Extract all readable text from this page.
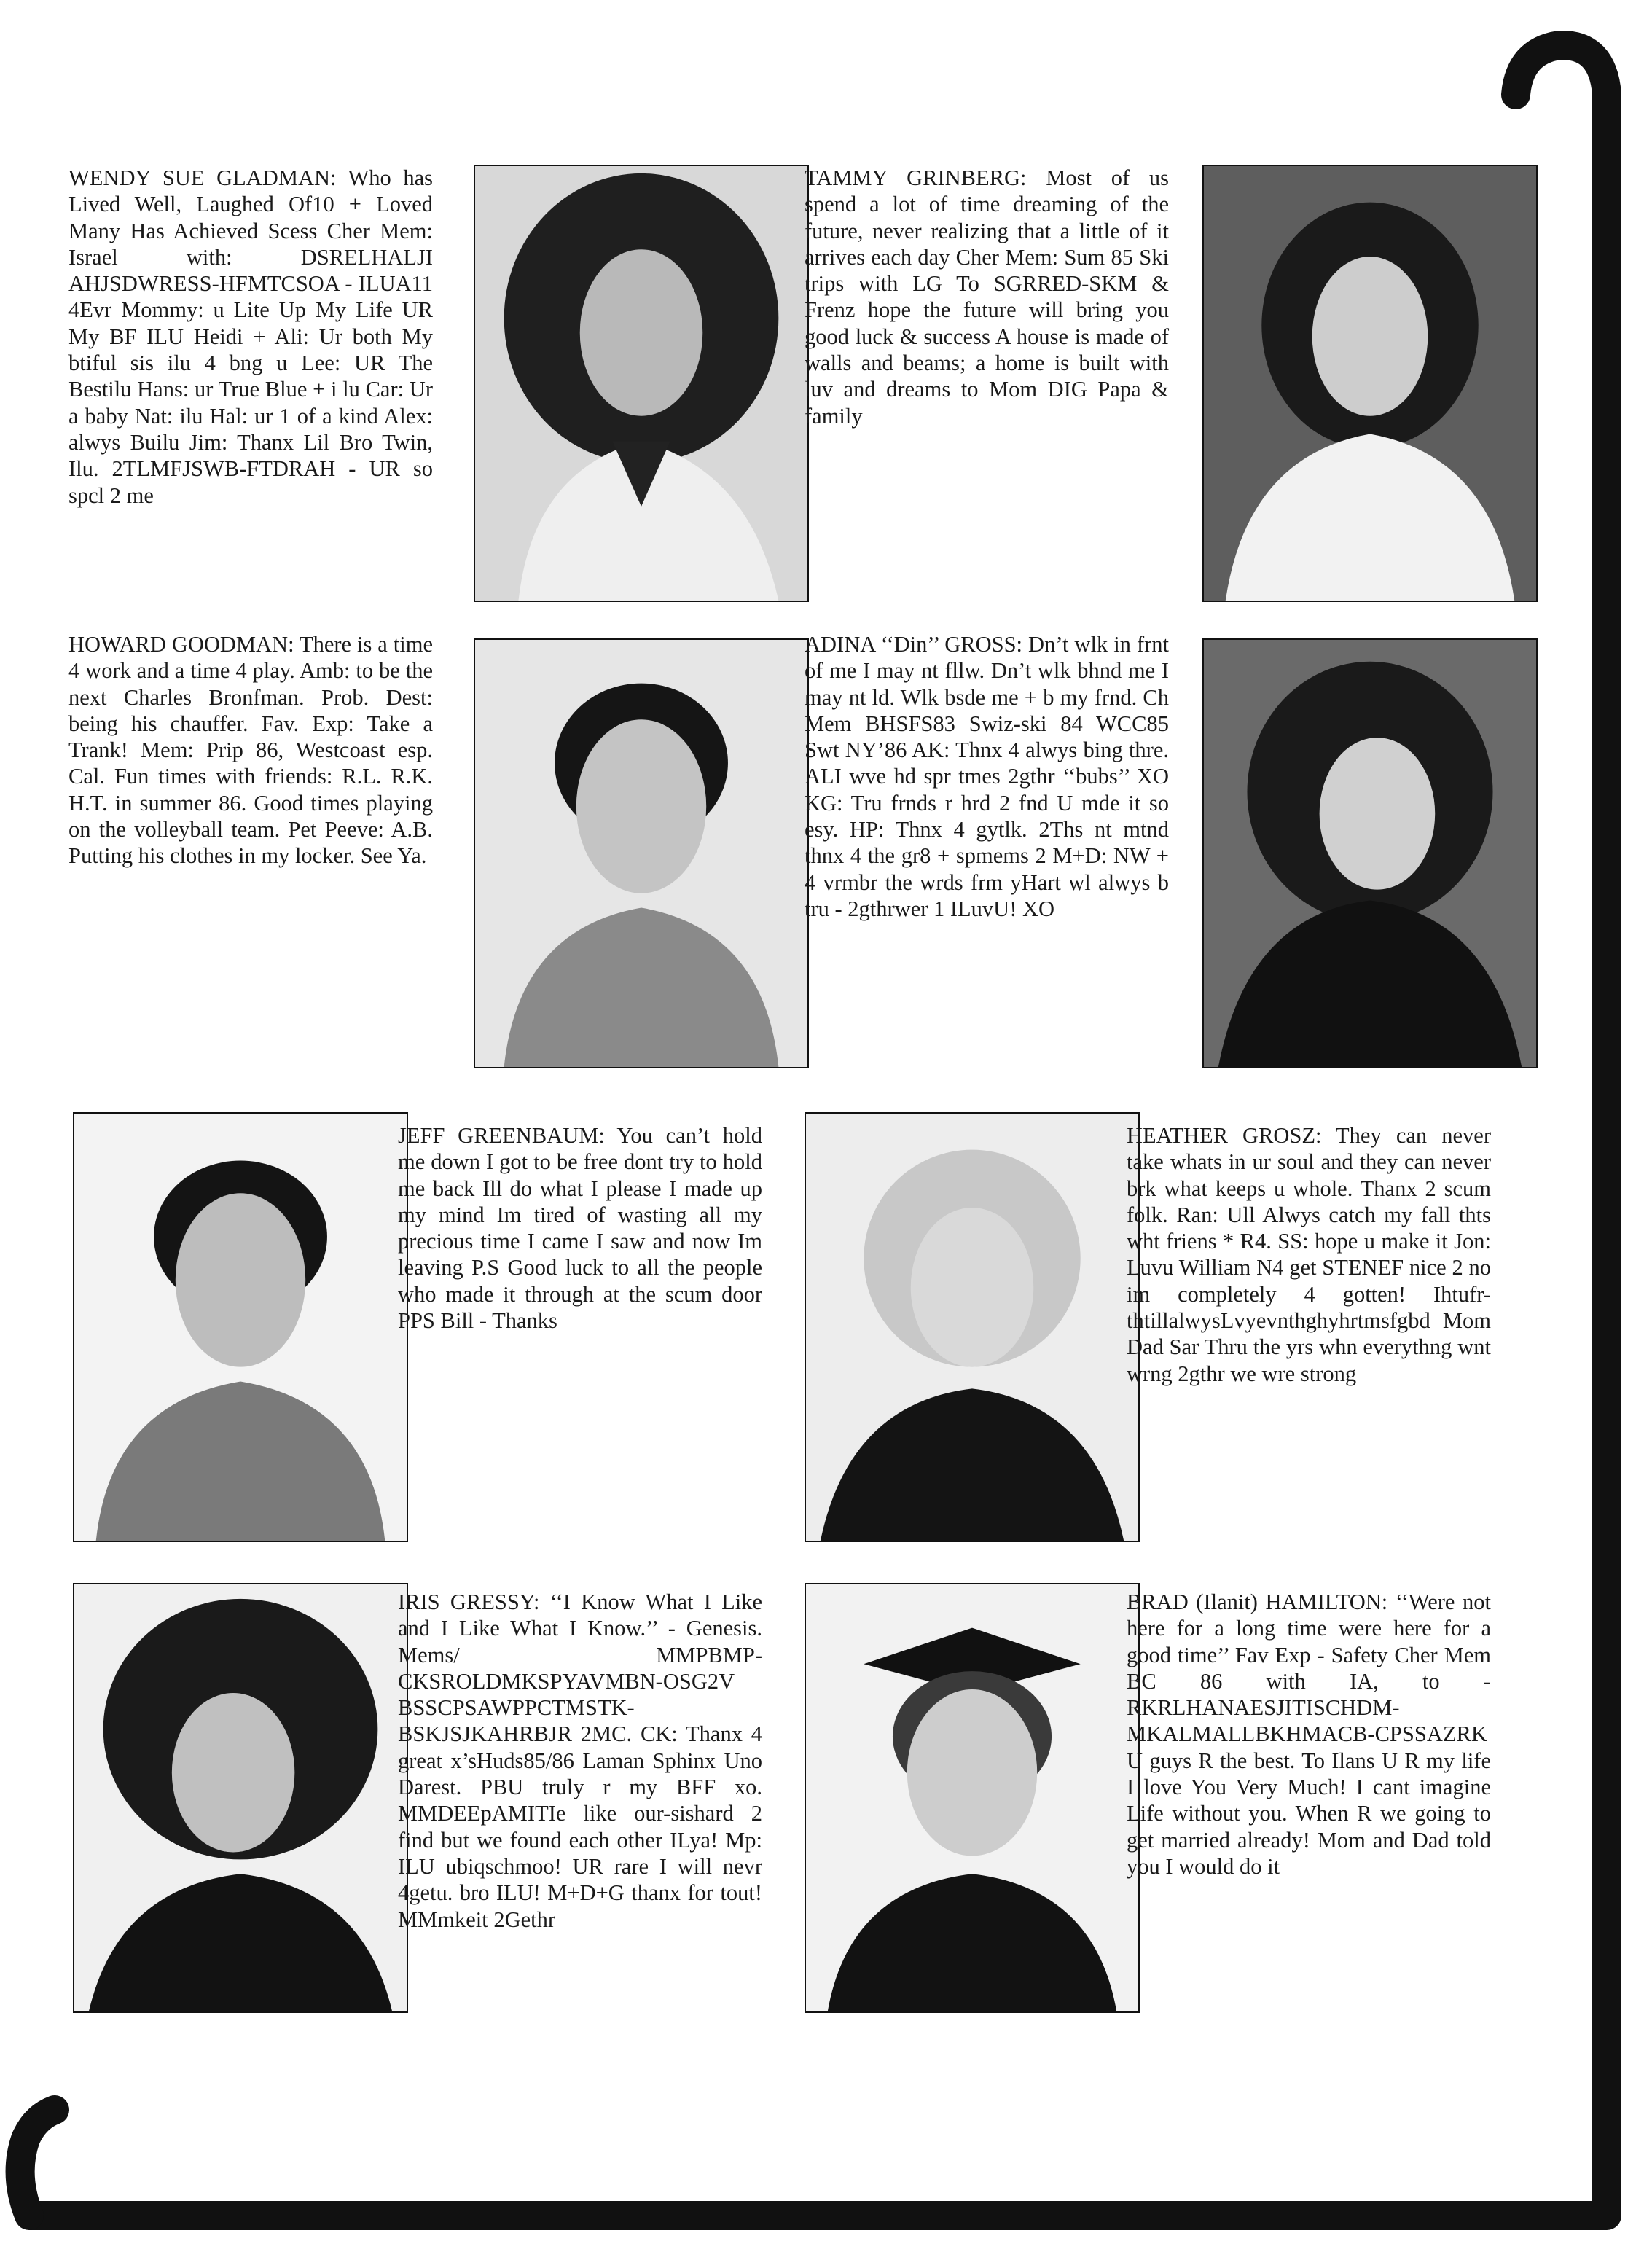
WENDY SUE GLADMAN: Who has Lived Well, Laughed Of10 + Loved Many Has Achieved Scess Cher Mem: Israel with: DSRELHALJI AHJSDWRESS-HFMTCSOA - ILUA11 4Evr Mommy: u Lite Up My Life UR My BF ILU Heidi + Ali: Ur both My btiful sis ilu 4 bng u Lee: UR The Bestilu Hans: ur True Blue + i lu Car: Ur a baby Nat: ilu Hal: ur 1 of a kind Alex: alwys Builu Jim: Thanx Lil Bro Twin, Ilu. 2TLMFJSWB-FTDRAH - UR so spcl 2 me
TAMMY GRINBERG: Most of us spend a lot of time dreaming of the future, never realizing that a little of it arrives each day Cher Mem: Sum 85 Ski trips with LG To SGRRED-SKM & Frenz hope the future will bring you good luck & success A house is made of walls and beams; a home is built with luv and dreams to Mom DIG Papa & family
HOWARD GOODMAN: There is a time 4 work and a time 4 play. Amb: to be the next Charles Bronfman. Prob. Dest: being his chauffer. Fav. Exp: Take a Trank! Mem: Prip 86, Westcoast esp. Cal. Fun times with friends: R.L. R.K. H.T. in summer 86. Good times playing on the volleyball team. Pet Peeve: A.B. Putting his clothes in my locker. See Ya.
ADINA ‘‘Din’’ GROSS: Dn’t wlk in frnt of me I may nt fllw. Dn’t wlk bhnd me I may nt ld. Wlk bsde me + b my frnd. Ch Mem BHSFS83 Swiz-ski 84 WCC85 Swt NY’86 AK: Thnx 4 alwys bing thre. ALI wve hd spr tmes 2gthr ‘‘bubs’’ XO KG: Tru frnds r hrd 2 fnd U mde it so esy. HP: Thnx 4 gytlk. 2Ths nt mtnd thnx 4 the gr8 + spmems 2 M+D: NW + 4 vrmbr the wrds frm yHart wl alwys b tru - 2gthrwer 1 ILuvU! XO
JEFF GREENBAUM: You can’t hold me down I got to be free dont try to hold me back Ill do what I please I made up my mind Im tired of wasting all my precious time I came I saw and now Im leaving P.S Good luck to all the people who made it through at the scum door PPS Bill - Thanks
HEATHER GROSZ: They can never take whats in ur soul and they can never brk what keeps u whole. Thanx 2 scum folk. Ran: Ull Alwys catch my fall thts wht friens * R4. SS: hope u make it Jon: Luvu William N4 get STENEF nice 2 no im completely 4 gotten! Ihtufr-thtillalwysLvyevnthghyhrtmsfgbd Mom Dad Sar Thru the yrs whn everythng wnt wrng 2gthr we wre strong
IRIS GRESSY: ‘‘I Know What I Like and I Like What I Know.’’ - Genesis. Mems/ MMPBMP-CKSROLDMKSPYAVMBN-OSG2V BSSCPSAWPPCTMSTK-BSKJSJKAHRBJR 2MC. CK: Thanx 4 great x’sHuds85/86 Laman Sphinx Uno Darest. PBU truly r my BFF xo. MMDEEpAMITIe like our-sishard 2 find but we found each other ILya! Mp: ILU ubiqschmoo! UR rare I will nevr 4getu. bro ILU! M+D+G thanx for tout! MMmkeit 2Gethr
BRAD (Ilanit) HAMILTON: ‘‘Were not here for a long time were here for a good time’’ Fav Exp - Safety Cher Mem BC 86 with IA, to - RKRLHANAESJITISCHDM-MKALMALLBKHMACB-CPSSAZRK U guys R the best. To Ilans U R my life I love You Very Much! I cant imagine Life without you. When R we going to get married already! Mom and Dad told you I would do it
